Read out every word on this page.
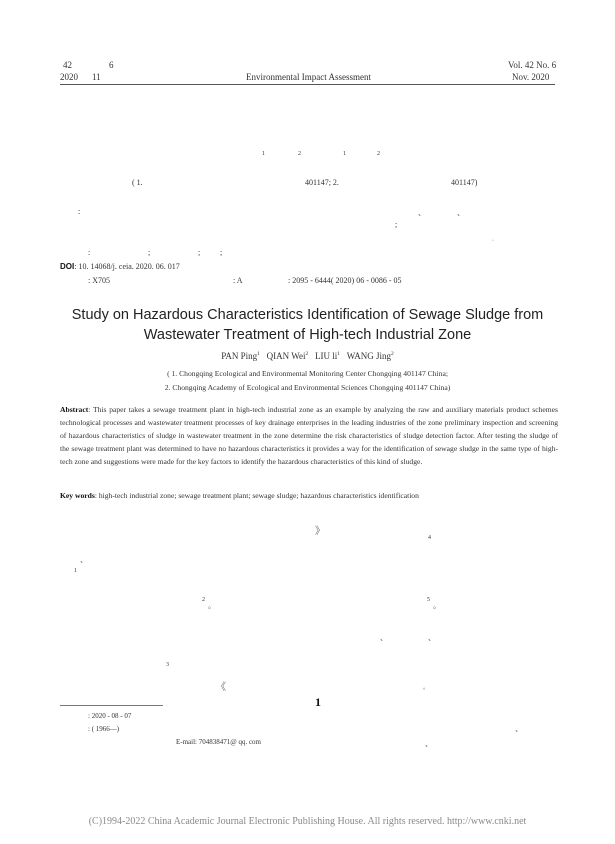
42	6
2020 11	Environmental Impact Assessment
Vol. 42 No. 6
Nov. 2020
1	2	1	2
( 1.	401147; 2.	401147)
:	、	、
;
·
:	;	; ;
DOI: 10. 14068/j. ceia. 2020. 06. 017
: X705	: A	: 2095 - 6444( 2020) 06 - 0086 - 05
Study on Hazardous Characteristics Identification of Sewage Sludge from
Wastewater Treatment of High-tech Industrial Zone
PAN Ping$^1$ QIAN Wei$^2$ LIU $li^1$ WANG Jing$^2$
( 1. Chongqing Ecological and Environmental Monitoring Center Chongqing 401147 China;
2. Chongqing Academy of Ecological and Environmental Sciences Chongqing 401147 China)
Abstract: This paper takes a sewage treatment plant in high-tech industrial zone as an example by analyzing the raw and auxiliary materials product schemes technological processes and wastewater treatment processes of key drainage enterprises in the leading industries of the zone preliminary inspection and screening of hazardous characteristics of sludge in wastewater treatment in the zone determine the risk characteristics of sludge detection factor. After testing the sludge of the sewage treatment plant was determined to have no hazardous characteristics it provides a way for the identification of sewage sludge in the same type of high-tech zone and suggestions were made for the key factors to identify the hazardous characteristics of this kind of sludge.
Key words: high-tech industrial zone; sewage treatment plant; sewage sludge; hazardous characteristics identification
》
4
、
1
2
。
5
。
、	、
3
《	。
1
: 2020 - 08 - 07
: ( 1966—)	、
E-mail: 704838471@ qq. com	、
(C)1994-2022 China Academic Journal Electronic Publishing House. All rights reserved. http://www.cnki.net
